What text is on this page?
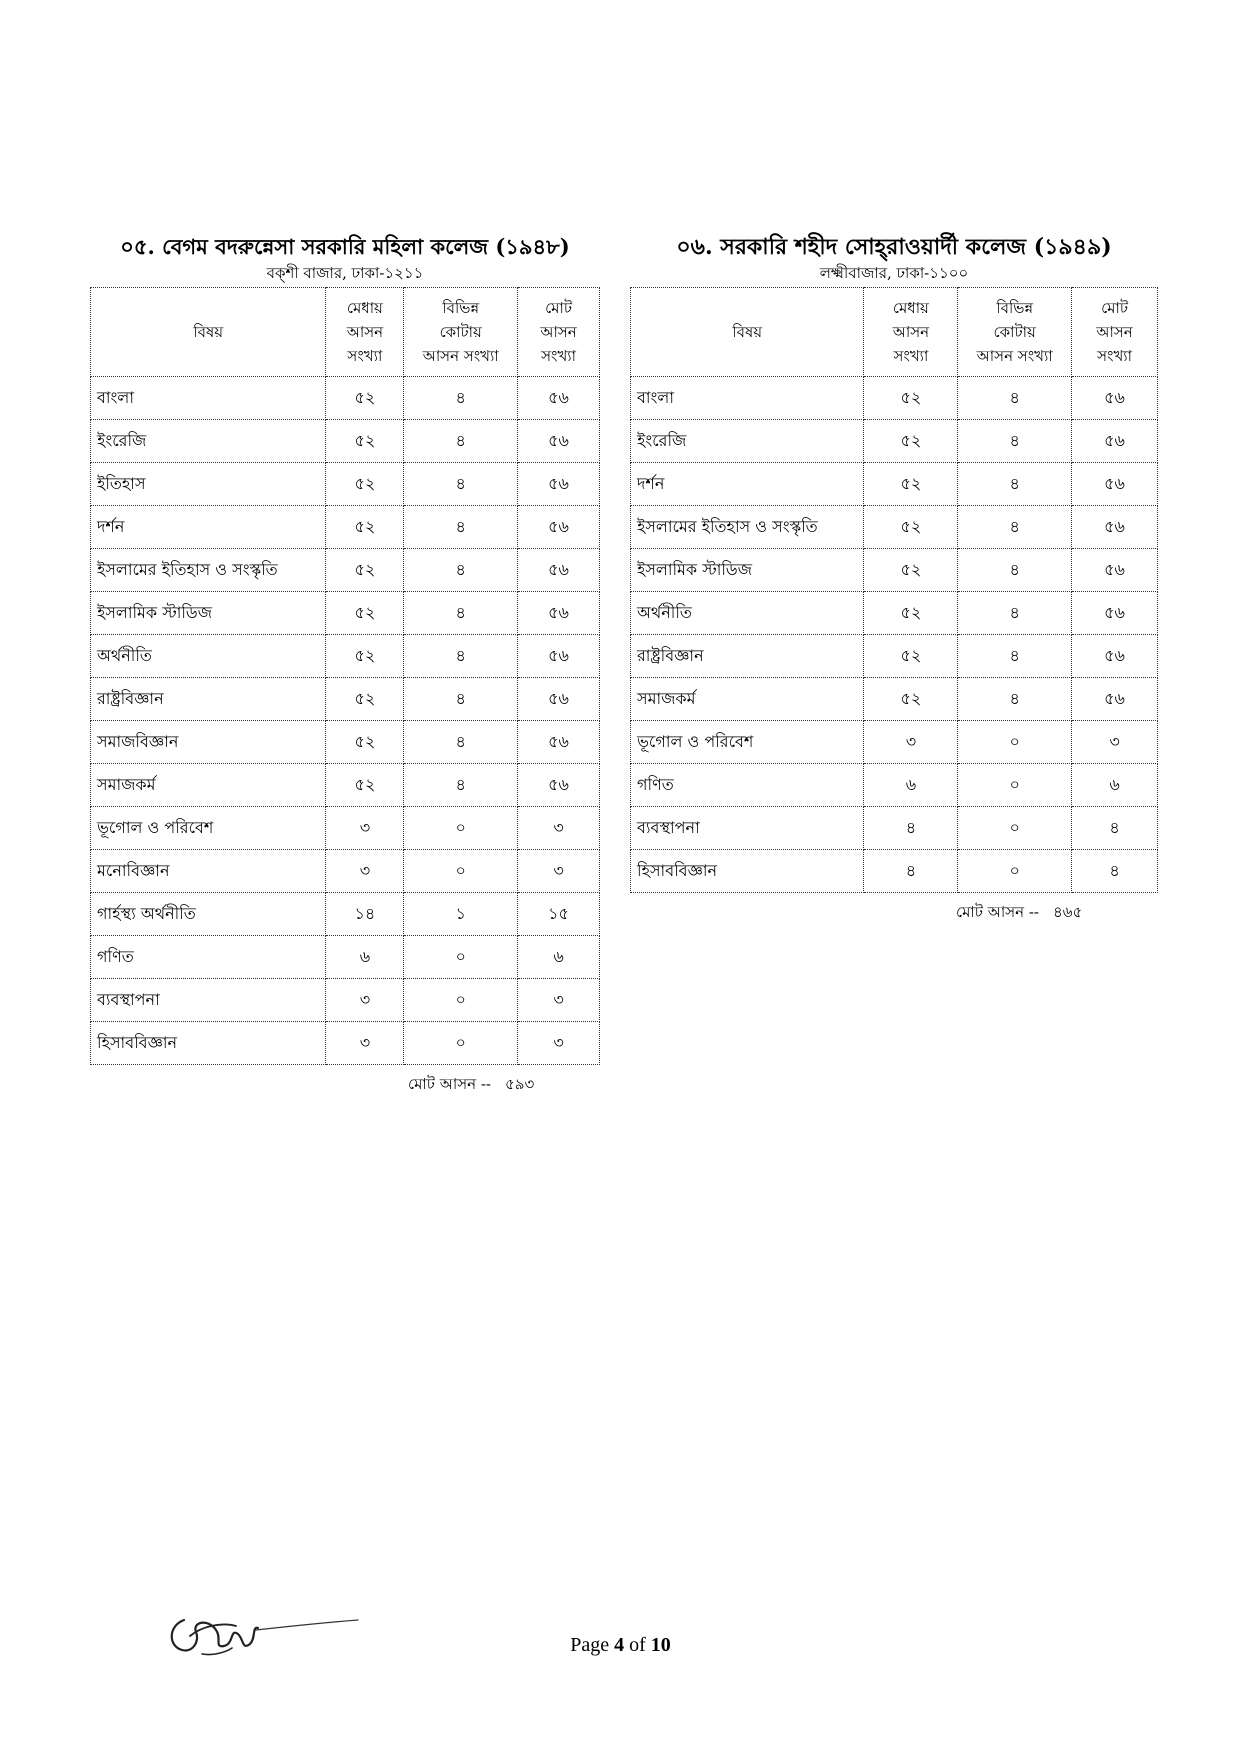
০৫. বেগম বদরুন্নেসা সরকারি মহিলা কলেজ (১৯৪৮)
বক্‌শী বাজার, ঢাকা-১২১১
বিষয়	মেধায়
আসন
সংখ্যা	বিভিন্ন
কোটায়
আসন সংখ্যা	মোট
আসন
সংখ্যা
বাংলা	৫২	৪	৫৬
ইংরেজি	৫২	৪	৫৬
ইতিহাস	৫২	৪	৫৬
দর্শন	৫২	৪	৫৬
ইসলামের ইতিহাস ও সংস্কৃতি	৫২	৪	৫৬
ইসলামিক স্টাডিজ	৫২	৪	৫৬
অর্থনীতি	৫২	৪	৫৬
রাষ্ট্রবিজ্ঞান	৫২	৪	৫৬
সমাজবিজ্ঞান	৫২	৪	৫৬
সমাজকর্ম	৫২	৪	৫৬
ভূগোল ও পরিবেশ	৩	০	৩
মনোবিজ্ঞান	৩	০	৩
গার্হস্থ্য অর্থনীতি	১৪	১	১৫
গণিত	৬	০	৬
ব্যবস্থাপনা	৩	০	৩
হিসাববিজ্ঞান	৩	০	৩
মোট আসন -- ৫৯৩
০৬. সরকারি শহীদ সোহ্‌রাওয়ার্দী কলেজ (১৯৪৯)
লক্ষ্মীবাজার, ঢাকা-১১০০
বিষয়	মেধায়
আসন
সংখ্যা	বিভিন্ন
কোটায়
আসন সংখ্যা	মোট
আসন
সংখ্যা
বাংলা	৫২	৪	৫৬
ইংরেজি	৫২	৪	৫৬
দর্শন	৫২	৪	৫৬
ইসলামের ইতিহাস ও সংস্কৃতি	৫২	৪	৫৬
ইসলামিক স্টাডিজ	৫২	৪	৫৬
অর্থনীতি	৫২	৪	৫৬
রাষ্ট্রবিজ্ঞান	৫২	৪	৫৬
সমাজকর্ম	৫২	৪	৫৬
ভূগোল ও পরিবেশ	৩	০	৩
গণিত	৬	০	৬
ব্যবস্থাপনা	৪	০	৪
হিসাববিজ্ঞান	৪	০	৪
মোট আসন -- ৪৬৫
Page 4 of 10
